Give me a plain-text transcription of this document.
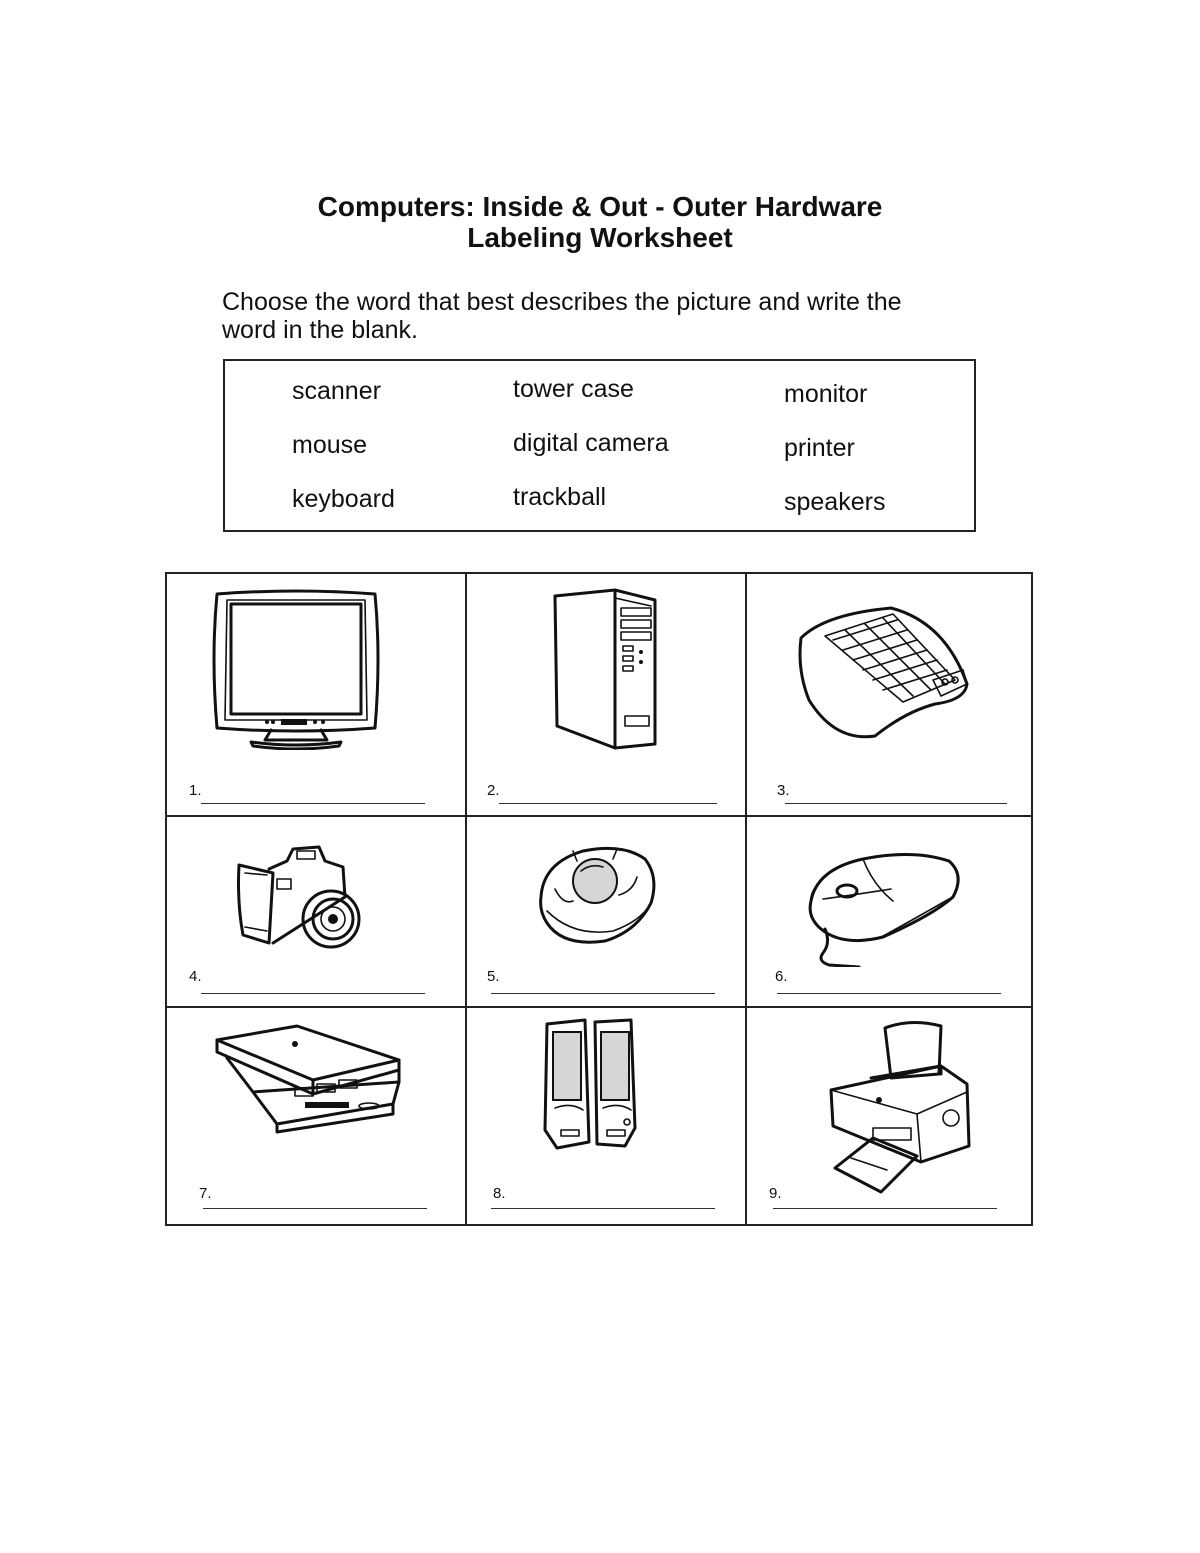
Computers: Inside & Out - Outer Hardware
Labeling Worksheet
Choose the word that best describes the picture and write the
word in the blank.
scanner	tower case	monitor
mouse	digital camera	printer
keyboard	trackball	speakers
1.	2.	3.
4.	5.	6.
7.	8.	9.
